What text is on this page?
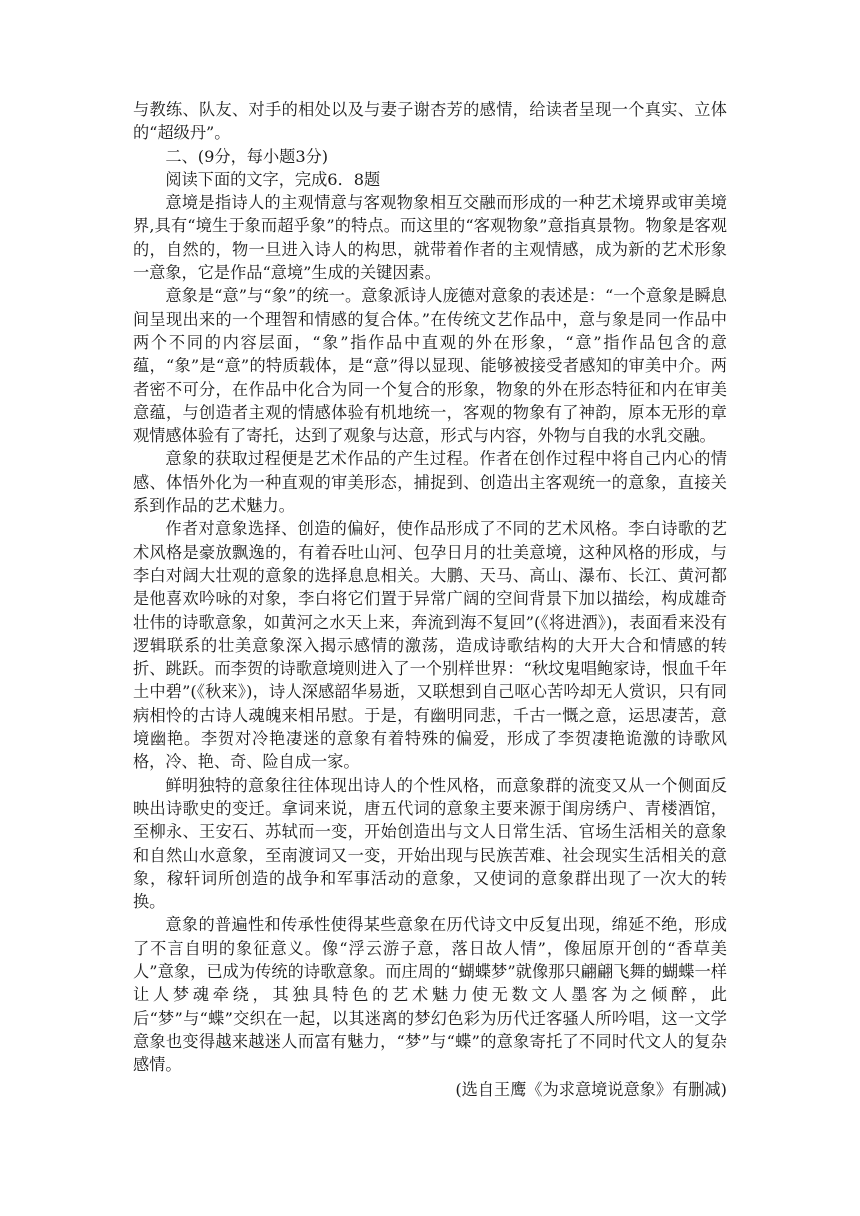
与教练、队友、对手的相处以及与妻子谢杏芳的感情，给读者呈现一个真实、立体的“超级丹”。

二、(9分，每小题3分)

阅读下面的文字，完成6．8题

意境是指诗人的主观情意与客观物象相互交融而形成的一种艺术境界或审美境界,具有“境生于象而超乎象”的特点。而这里的“客观物象”意指真景物。物象是客观的，自然的，物一旦进入诗人的构思，就带着作者的主观情感，成为新的艺术形象一意象，它是作品“意境”生成的关键因素。

意象是“意”与“象”的统一。意象派诗人庞德对意象的表述是：“一个意象是瞬息间呈现出来的一个理智和情感的复合体。”在传统文艺作品中，意与象是同一作品中两个不同的内容层面，“象”指作品中直观的外在形象，“意”指作品包含的意蕴，“象”是“意”的特质载体，是“意”得以显现、能够被接受者感知的审美中介。两者密不可分，在作品中化合为同一个复合的形象，物象的外在形态特征和内在审美意蕴，与创造者主观的情感体验有机地统一，客观的物象有了神韵，原本无形的章观情感体验有了寄托，达到了观象与达意，形式与内容，外物与自我的水乳交融。

意象的获取过程便是艺术作品的产生过程。作者在创作过程中将自己内心的情感、体悟外化为一种直观的审美形态，捕捉到、创造出主客观统一的意象，直接关系到作品的艺术魅力。

作者对意象选择、创造的偏好，使作品形成了不同的艺术风格。李白诗歌的艺术风格是豪放飘逸的，有着吞吐山河、包孕日月的壮美意境，这种风格的形成，与李白对阔大壮观的意象的选择息息相关。大鹏、天马、高山、瀑布、长江、黄河都是他喜欢吟咏的对象，李白将它们置于异常广阔的空间背景下加以描绘，构成雄奇壮伟的诗歌意象，如黄河之水天上来，奔流到海不复回”(《将进酒》)，表面看来没有逻辑联系的壮美意象深入揭示感情的激荡，造成诗歌结构的大开大合和情感的转折、跳跃。而李贺的诗歌意境则进入了一个别样世界：“秋坟鬼唱鲍家诗，恨血千年土中碧”(《秋来》)，诗人深感韶华易逝，又联想到自己呕心苦吟却无人赏识，只有同病相怜的古诗人魂魄来相吊慰。于是，有幽明同悲，千古一慨之意，运思凄苦，意境幽艳。李贺对冷艳凄迷的意象有着特殊的偏爱，形成了李贺凄艳诡激的诗歌风格，冷、艳、奇、险自成一家。

鲜明独特的意象往往体现出诗人的个性风格，而意象群的流变又从一个侧面反映出诗歌史的变迁。拿词来说，唐五代词的意象主要来源于闺房绣户、青楼酒馆，至柳永、王安石、苏轼而一变，开始创造出与文人日常生活、官场生活相关的意象和自然山水意象，至南渡词又一变，开始出现与民族苦难、社会现实生活相关的意象，稼轩词所创造的战争和军事活动的意象，又使词的意象群出现了一次大的转换。

意象的普遍性和传承性使得某些意象在历代诗文中反复出现，绵延不绝，形成了不言自明的象征意义。像“浮云游子意，落日故人情”，像屈原开创的“香草美人”意象，已成为传统的诗歌意象。而庄周的“蝴蝶梦”就像那只翩翩飞舞的蝴蝶一样让人梦魂牵绕，其独具特色的艺术魅力使无数文人墨客为之倾醉，此后“梦”与“蝶”交织在一起，以其迷离的梦幻色彩为历代迁客骚人所吟唱，这一文学意象也变得越来越迷人而富有魅力，“梦”与“蝶”的意象寄托了不同时代文人的复杂感情。

(选自王鹰《为求意境说意象》有删减)
